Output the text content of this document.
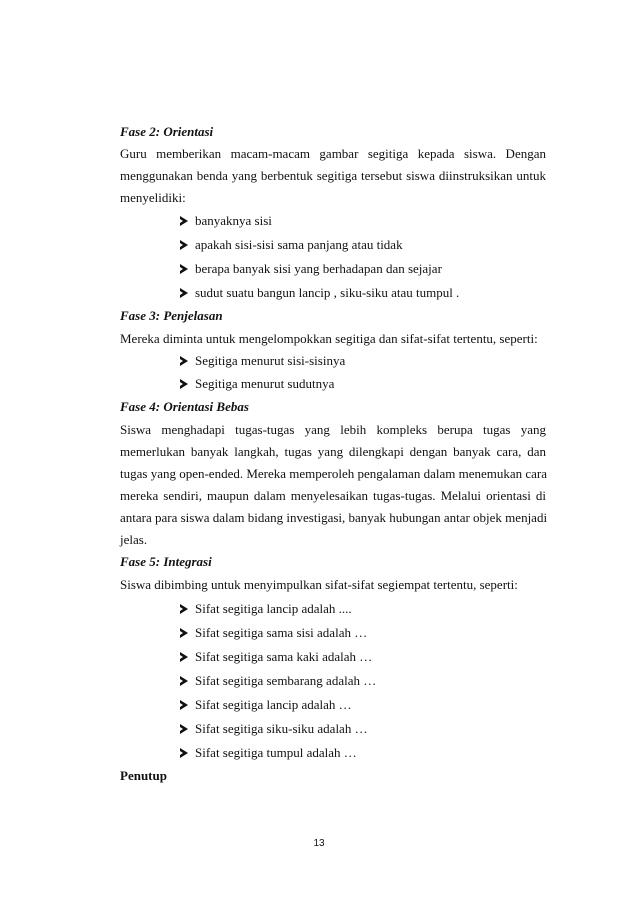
Fase 2: Orientasi
Guru memberikan macam-macam gambar segitiga kepada siswa. Dengan
menggunakan benda yang berbentuk segitiga tersebut siswa diinstruksikan untuk
menyelidiki:
banyaknya sisi
apakah sisi-sisi sama panjang atau tidak
berapa banyak sisi yang berhadapan dan sejajar
sudut suatu bangun lancip , siku-siku atau tumpul .
Fase 3: Penjelasan
Mereka diminta untuk mengelompokkan segitiga dan sifat-sifat tertentu, seperti:
Segitiga menurut sisi-sisinya
Segitiga menurut sudutnya
Fase 4: Orientasi Bebas
Siswa menghadapi tugas-tugas yang lebih kompleks berupa tugas yang
memerlukan banyak langkah, tugas yang dilengkapi dengan banyak cara, dan
tugas yang open-ended. Mereka memperoleh pengalaman dalam menemukan cara
mereka sendiri, maupun dalam menyelesaikan tugas-tugas. Melalui orientasi di
antara para siswa dalam bidang investigasi, banyak hubungan antar objek menjadi
jelas.
Fase 5: Integrasi
Siswa dibimbing untuk menyimpulkan sifat-sifat segiempat tertentu, seperti:
Sifat segitiga lancip adalah ....
Sifat segitiga sama sisi adalah …
Sifat segitiga sama kaki adalah …
Sifat segitiga sembarang adalah …
Sifat segitiga lancip adalah …
Sifat segitiga siku-siku adalah …
Sifat segitiga tumpul adalah …
Penutup
13
